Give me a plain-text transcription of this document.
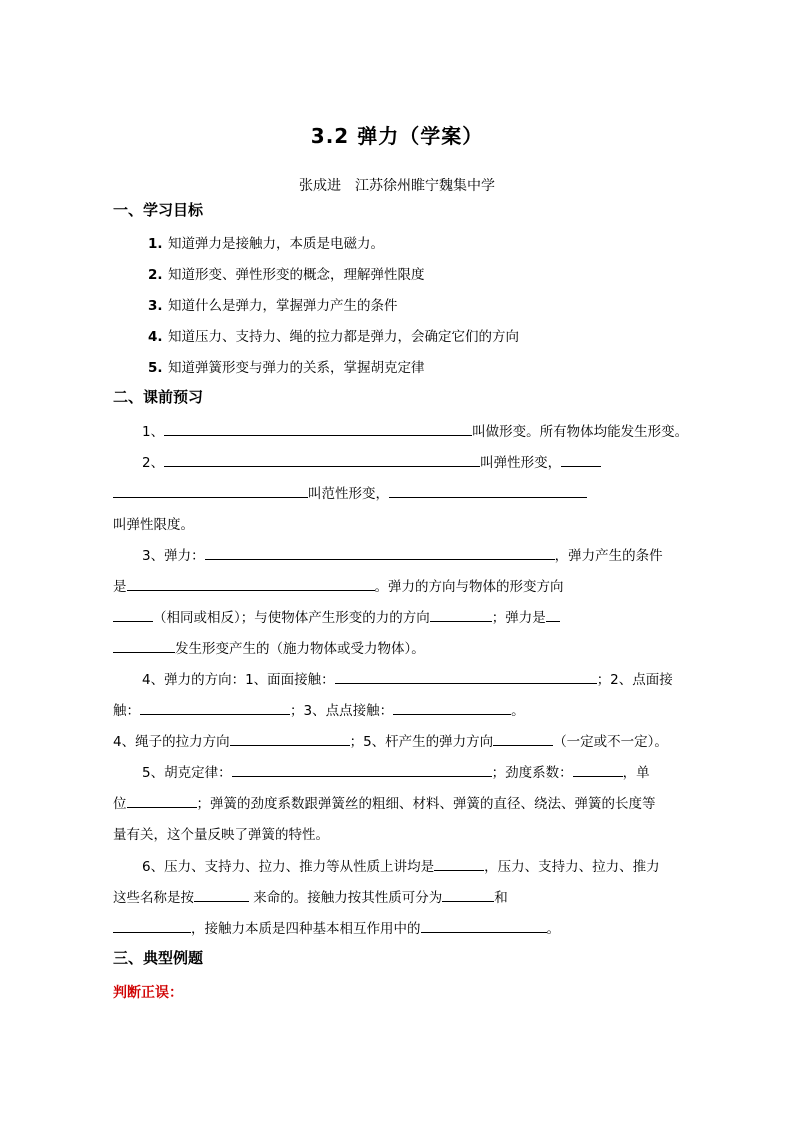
3.2 弹力（学案）
张成进　江苏徐州睢宁魏集中学
一、学习目标
1. 知道弹力是接触力，本质是电磁力。
2. 知道形变、弹性形变的概念，理解弹性限度
3. 知道什么是弹力，掌握弹力产生的条件
4. 知道压力、支持力、绳的拉力都是弹力，会确定它们的方向
5. 知道弹簧形变与弹力的关系，掌握胡克定律
二、课前预习
1、	叫做形变。所有物体均能发生形变。
2、	叫弹性形变，
叫范性形变，
叫弹性限度。
3、弹力：	，弹力产生的条件
是	。弹力的方向与物体的形变方向
（相同或相反）；与使物体产生形变的力的方向	；弹力是
发生形变产生的（施力物体或受力物体）。
4、弹力的方向：1、面面接触：	；2、点面接
触：	；3、点点接触：	。
4、绳子的拉力方向	；5、杆产生的弹力方向	（一定或不一定）。
5、胡克定律：	；劲度系数：	，单
位	；弹簧的劲度系数跟弹簧丝的粗细、材料、弹簧的直径、绕法、弹簧的长度等
量有关，这个量反映了弹簧的特性。
6、压力、支持力、拉力、推力等从性质上讲均是	，压力、支持力、拉力、推力
这些名称是按	来命的。接触力按其性质可分为	和
，接触力本质是四种基本相互作用中的	。
三、典型例题
判断正误：
